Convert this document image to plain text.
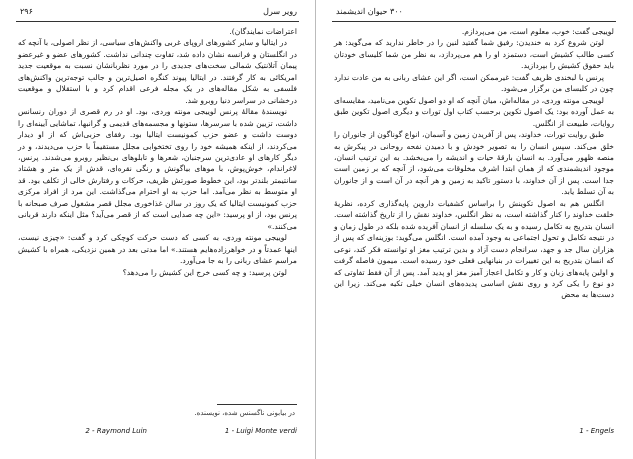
۲۹۶	رویر سرل

اعتراضات نمایندگان).

در ایتالیا و سایر کشورهای اروپای غربی واکنش‌های سیاسی، از نظر اصولی، با آنچه که در انگلستان و فرانسه نشان داده شد، تفاوت چندانی نداشت. کشورهای عضو و غیرعضو پیمان آتلانتیک شمالی سخت‌های جدیدی را در مورد نظربانشان نسبت به موقعیت جدید امریکائی به کار گرفتند. در ایتالیا پیوند کنگره اصیل‌ترین و جالب توجه‌ترین واکنش‌های فلسفی به شکل مقاله‌های در یک مجله فرعی اقدام کرد و با استقلال و موقعیت درخشانی در سراسر دنیا روبرو شد.

نویسندهٔ مقالهٔ پرنس لوییجی مونته وردی، بود. او در رم قصری از دوران رنسانس داشت، تزیین شده با سرسرها، ستونها و مجسمه‌های قدیمی و گرانبها، تماشایی آیینه‌ای را دوست داشت و عضو حزب کمونیست ایتالیا بود. رفقای حزبی‌اش که از او دیدار می‌کردند، از اینکه همیشه خود را روی تختخوابی مجلل مستقیماً با حزب می‌دیدند، و در دیگر کارهای او عادی‌ترین سرجنبان، شعرها و تابلوهای بی‌نظیر روبرو می‌شدند. پرنس، لاغراندام، خوش‌پوش، با موهای بیاگونش و رنگی نقره‌ای، قدش از یک متر و هشتاد سانتیمتر بلندتر بود، این خطوط صورتش ظریف، حرکات و رفتارش خالی از تکلف بود. قد او متوسط به نظر می‌آمد. اما حزب به او احترام می‌گذاشت. این مرد از افراد مرکزی حزب کمونیست ایتالیا که یک روز در سالن غذاخوری مجلل قصر مشغول صرف صبحانه با پرنس بود، از او پرسید: «این چه صدایی است که از قصر می‌آید؟ مثل اینکه دارند قربانی می‌کنند.»

لوییجی مونته وردی، به کسی که دست حرکت کوچکی کرد و گفت: «چیزی نیست، اینها عمدتاً و در خواهرزاده‌هایم هستند.» اما مدتی بعد در همین نزدیکی، همراه با کشیش مراسم عشای ربانی را به جا می‌آورد.

لوتن پرسید: و چه کسی خرج این کشیش را می‌دهد؟

در بیابونی ناگسنس شده، نویسنده.
1 - Luigi Monte verdi
2 - Raymond Luin
۳۰۰ حیوان اندیشمند

لوییجی گفت: خوب، معلوم است، من می‌پردازم.

لوتن شروع کرد به خندیدن: رفیق شما گفتید لنین را در خاطر ندارید که می‌گوید: هر کسی طالب کشیش است، دستمزد او را هم می‌پردازد، به نظر من شما کلیسای خودتان باید حقوق کشیش را بپردازید.

پرنس با لبخندی ظریف گفت: غیرممکن است، اگر این عشای ربانی به من عادت ندارد چون در کلیسای من برگزار می‌شود.

لوییجی مونته وردی، در مقاله‌اش، میان آنچه که او دو اصول تکوین می‌نامید، مقایسه‌ای به عمل آورده بود: یک اصول تکوین برحسب کتاب اول تورات و دیگری اصول تکوین طبق روایات، طبیعت از انگلس.

طبق روایت تورات، خداوند، پس از آفریدن زمین و آسمان، انواع گوناگون از جانوران را خلق می‌کند. سپس انسان را به تصویر خودش و با دمیدن نفحه روحانی در پیکرش به منصه ظهور می‌آورد. به انسان بارقهٔ حیات و اندیشه را می‌بخشد. به این ترتیب انسان، موجود اندیشمندی که از همان ابتدا اشرف مخلوقات می‌شود، از آنچه که بر زمین است جدا است. پس از آن خداوند، با دستور تاکید به زمین و هر آنچه در آن است و از جانوران به آن تسلط یابد.

انگلس هم به اصول تکوینش را براساس کشفیات داروین پایه‌گذاری کرده، نظریهٔ خلقت خداوند را کنار گذاشته است، به نظر انگلس، خداوند نقش را از تاریخ گذاشته است. انسان بتدریج به تکامل رسیده و به یک سلسله از انسان آفریده شده بلکه در طول زمان و در نتیجه تکامل و تحول اجتماعی به وجود آمده است. انگلس می‌گوید: بوزینه‌ای که پس از هزاران سال جد و جهد، سرانجام دست آزاد و بدین ترتیب مغز او توانسته فکر کند، نوعی که انسان بتدریج به این تغییرات در بنیانهایی فعلی خود رسیده است. میمون فاصله گرفت و اولین پایه‌های زبان و کار و تکامل اعجاز آمیز مغز او پدید آمد. پس از آن فقط تفاوتی که دو نوع را یکی کرد و روی نقش اساسی پدیده‌های انسان خیلی تکیه می‌کند. زیرا این دست‌ها به محض

1 - Engels
